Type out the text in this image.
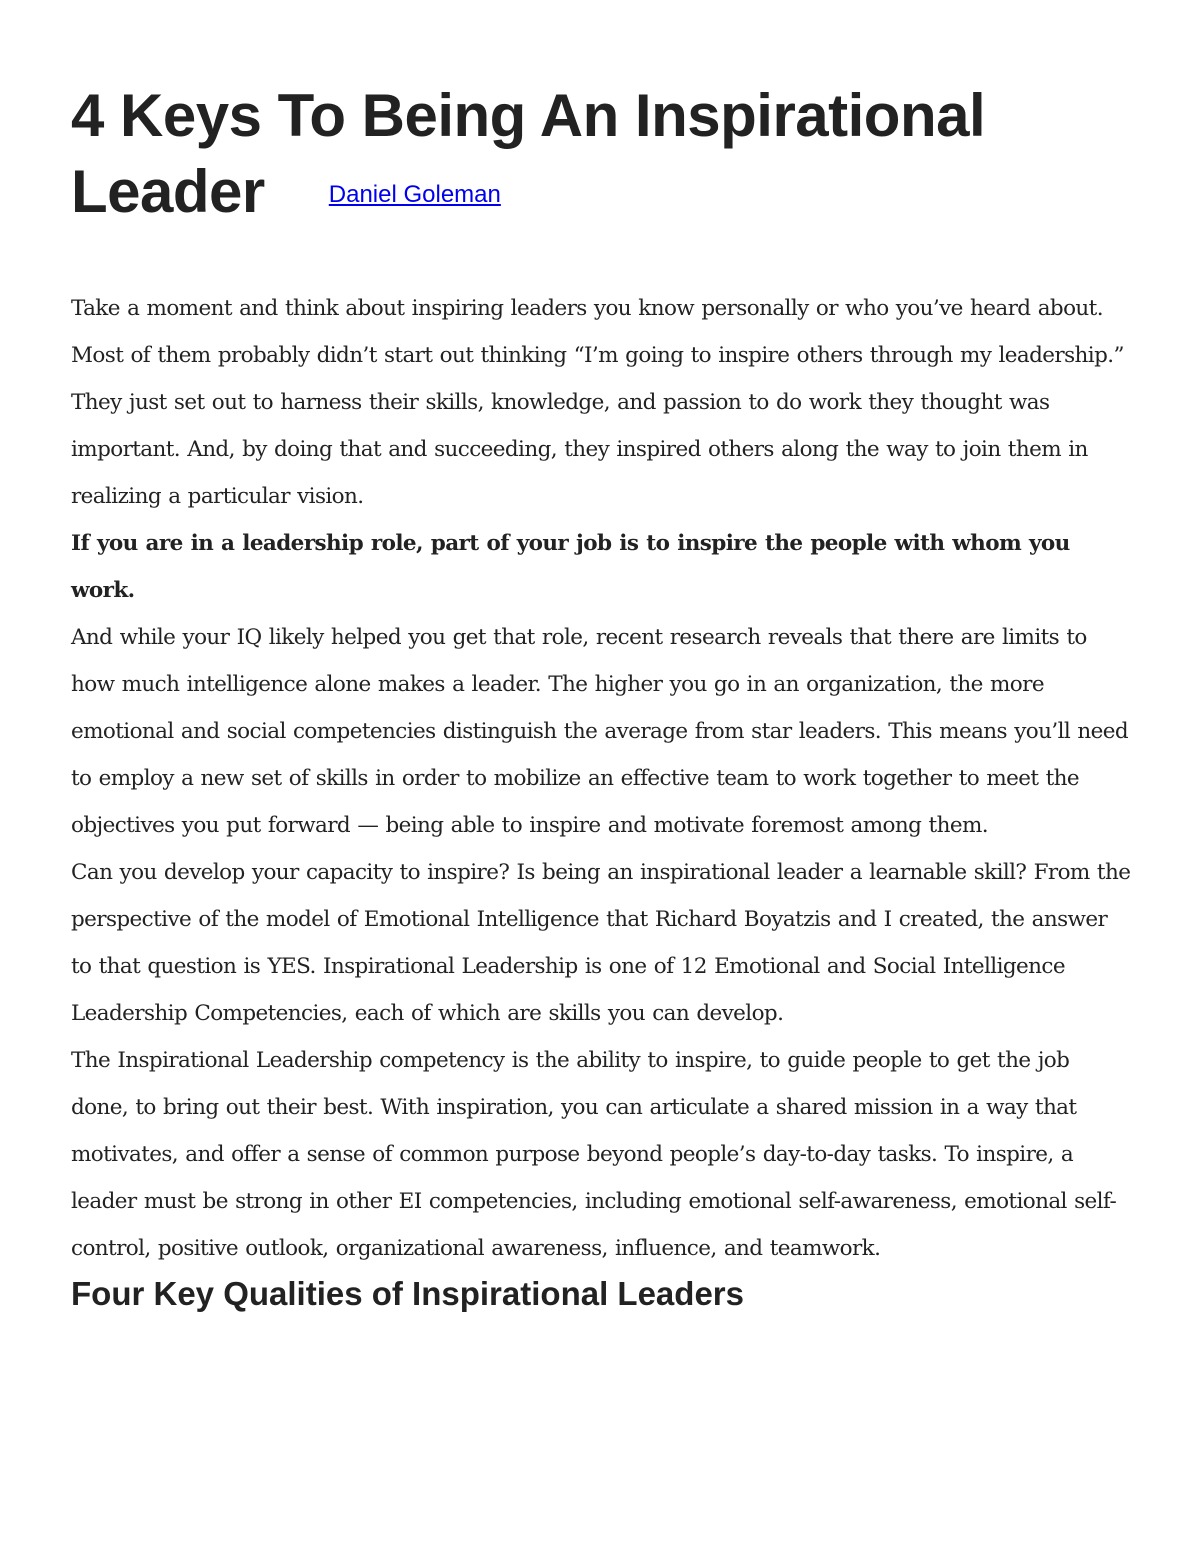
4 Keys To Being An Inspirational Leader	Daniel Goleman

Take a moment and think about inspiring leaders you know personally or who you’ve heard about. Most of them probably didn’t start out thinking “I’m going to inspire others through my leadership.” They just set out to harness their skills, knowledge, and passion to do work they thought was important. And, by doing that and succeeding, they inspired others along the way to join them in realizing a particular vision.

If you are in a leadership role, part of your job is to inspire the people with whom you work.

And while your IQ likely helped you get that role, recent research reveals that there are limits to how much intelligence alone makes a leader. The higher you go in an organization, the more emotional and social competencies distinguish the average from star leaders. This means you’ll need to employ a new set of skills in order to mobilize an effective team to work together to meet the objectives you put forward — being able to inspire and motivate foremost among them.

Can you develop your capacity to inspire? Is being an inspirational leader a learnable skill? From the perspective of the model of Emotional Intelligence that Richard Boyatzis and I created, the answer to that question is YES. Inspirational Leadership is one of 12 Emotional and Social Intelligence Leadership Competencies, each of which are skills you can develop.

The Inspirational Leadership competency is the ability to inspire, to guide people to get the job done, to bring out their best. With inspiration, you can articulate a shared mission in a way that motivates, and offer a sense of common purpose beyond people’s day-to-day tasks. To inspire, a leader must be strong in other EI competencies, including emotional self-awareness, emotional self-control, positive outlook, organizational awareness, influence, and teamwork.

Four Key Qualities of Inspirational Leaders
